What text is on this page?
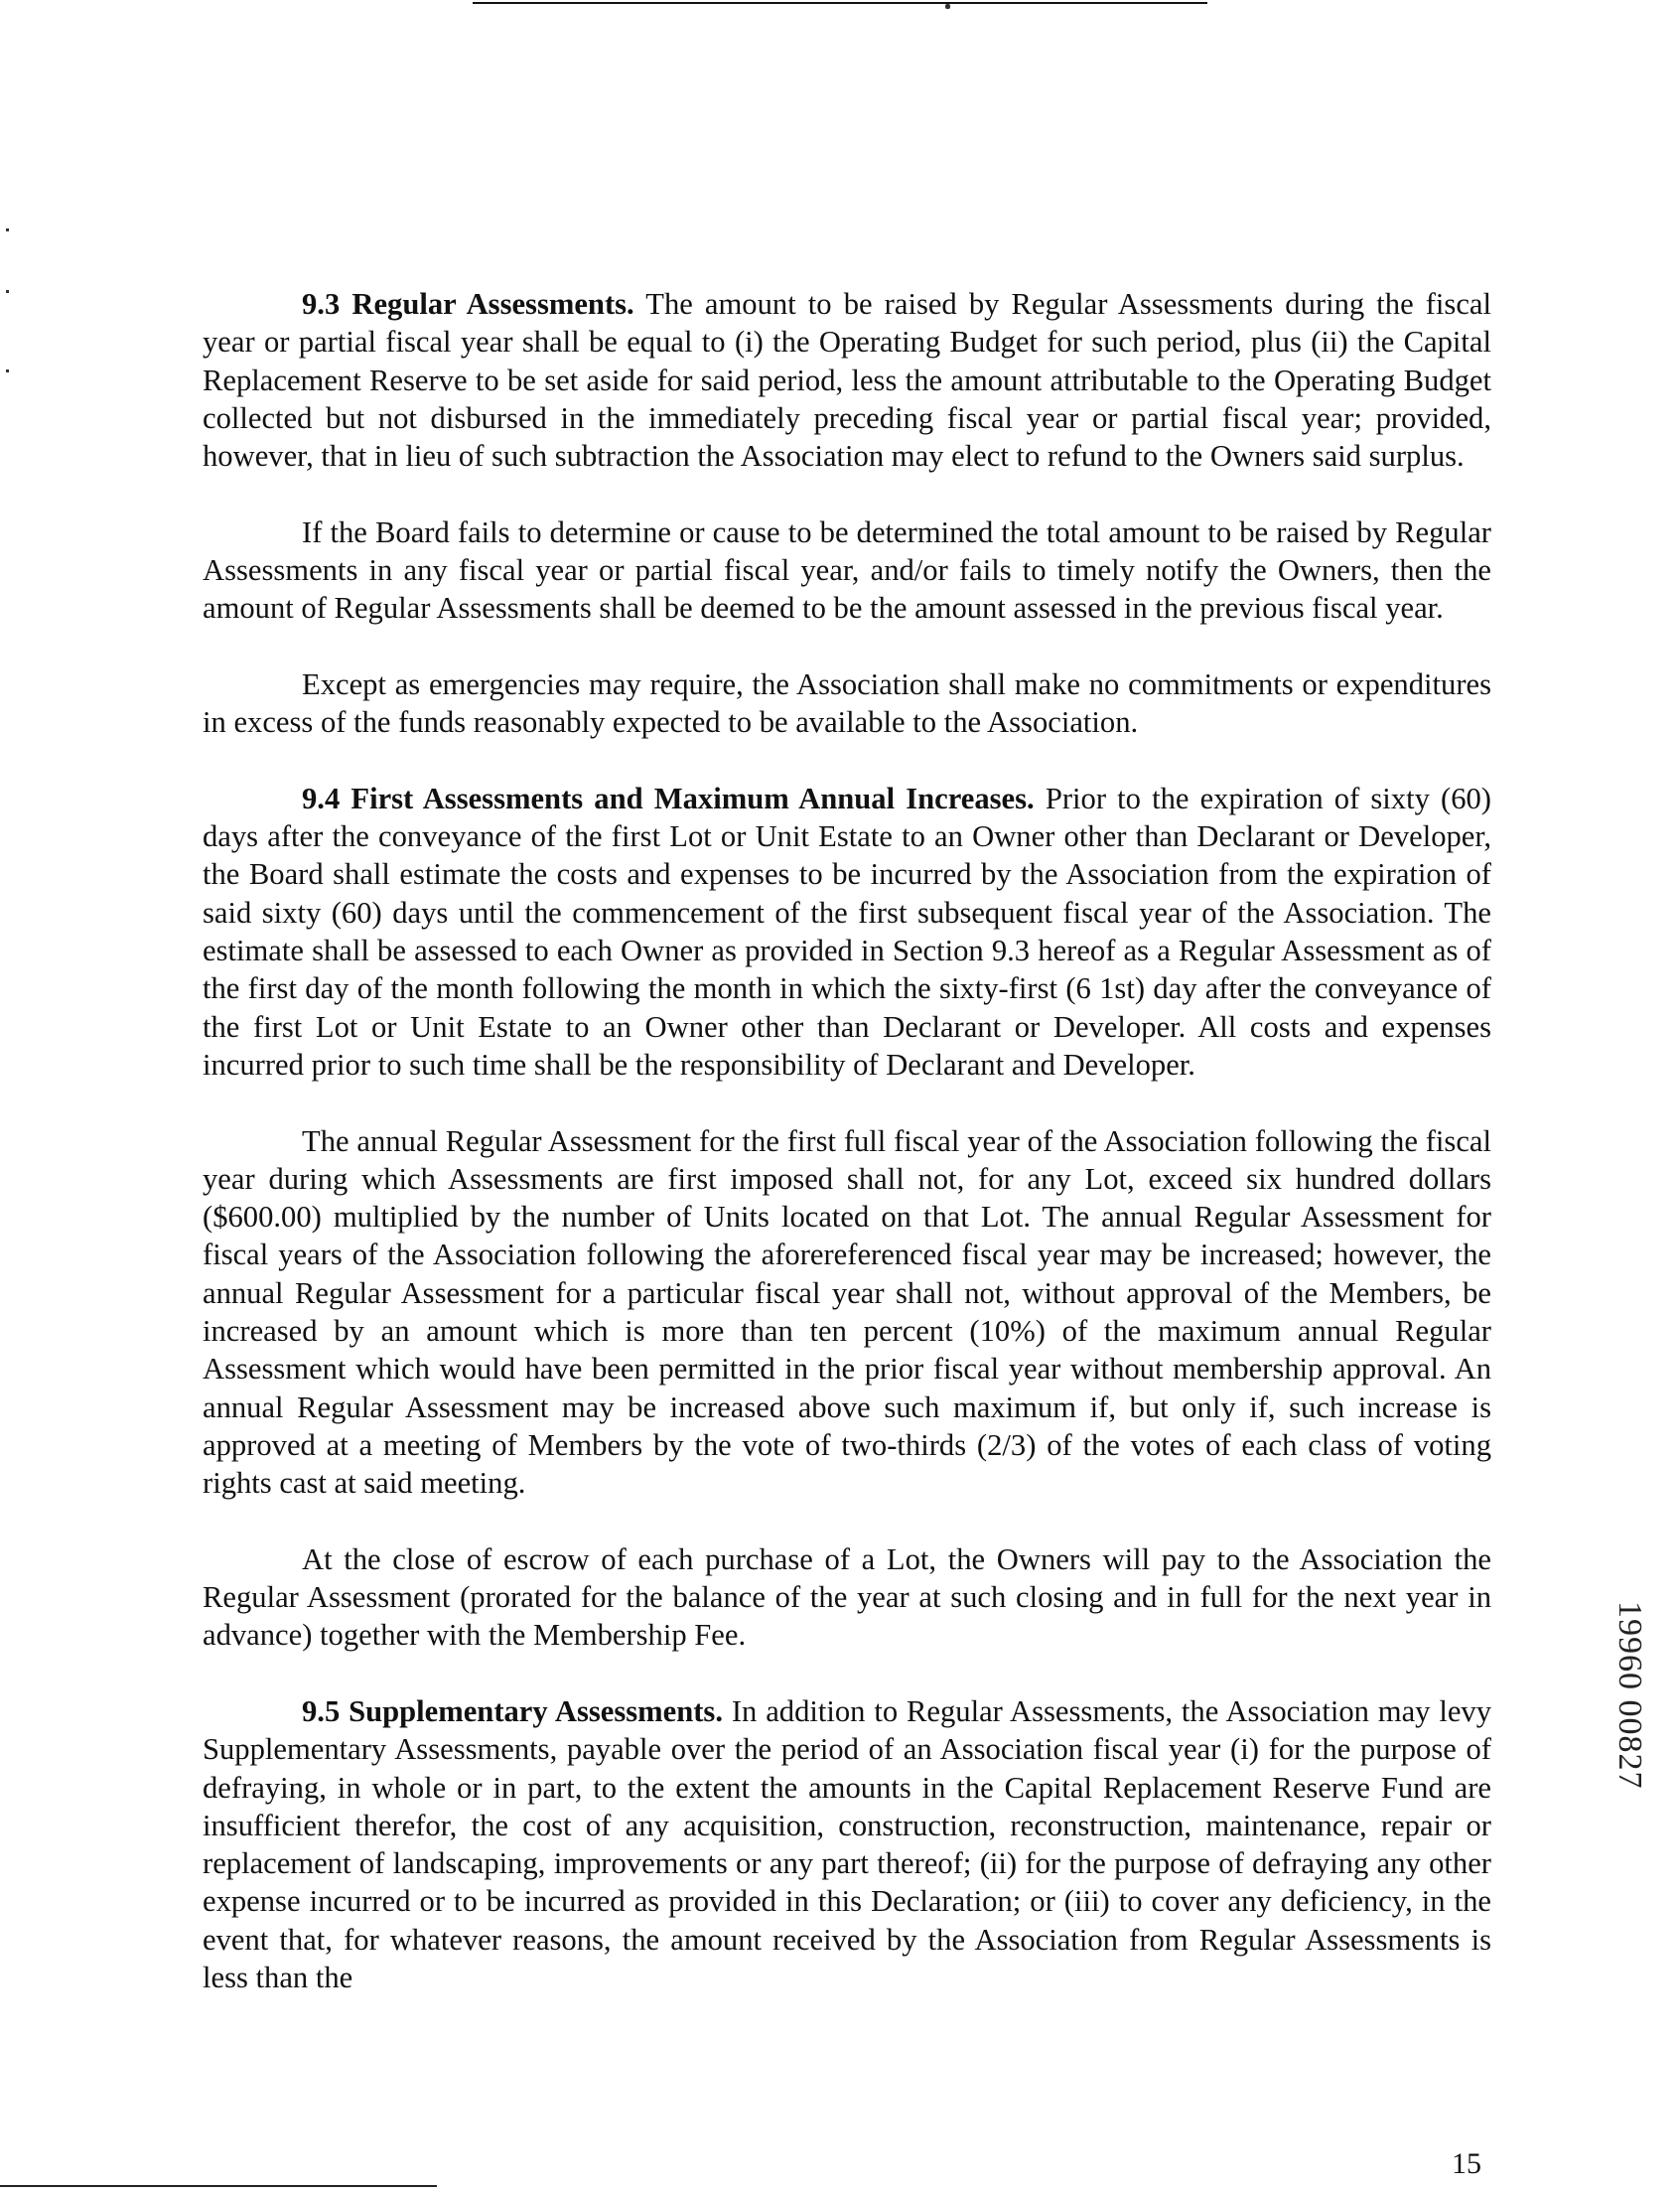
9.3 Regular Assessments. The amount to be raised by Regular Assessments during the fiscal year or partial fiscal year shall be equal to (i) the Operating Budget for such period, plus (ii) the Capital Replacement Reserve to be set aside for said period, less the amount attributable to the Operating Budget collected but not disbursed in the immediately preceding fiscal year or partial fiscal year; provided, however, that in lieu of such subtraction the Association may elect to refund to the Owners said surplus.

If the Board fails to determine or cause to be determined the total amount to be raised by Regular Assessments in any fiscal year or partial fiscal year, and/or fails to timely notify the Owners, then the amount of Regular Assessments shall be deemed to be the amount assessed in the previous fiscal year.

Except as emergencies may require, the Association shall make no commitments or expenditures in excess of the funds reasonably expected to be available to the Association.

9.4 First Assessments and Maximum Annual Increases. Prior to the expiration of sixty (60) days after the conveyance of the first Lot or Unit Estate to an Owner other than Declarant or Developer, the Board shall estimate the costs and expenses to be incurred by the Association from the expiration of said sixty (60) days until the commencement of the first subsequent fiscal year of the Association. The estimate shall be assessed to each Owner as provided in Section 9.3 hereof as a Regular Assessment as of the first day of the month following the month in which the sixty-first (6 1st) day after the conveyance of the first Lot or Unit Estate to an Owner other than Declarant or Developer. All costs and expenses incurred prior to such time shall be the responsibility of Declarant and Developer.

The annual Regular Assessment for the first full fiscal year of the Association following the fiscal year during which Assessments are first imposed shall not, for any Lot, exceed six hundred dollars ($600.00) multiplied by the number of Units located on that Lot. The annual Regular Assessment for fiscal years of the Association following the aforereferenced fiscal year may be increased; however, the annual Regular Assessment for a particular fiscal year shall not, without approval of the Members, be increased by an amount which is more than ten percent (10%) of the maximum annual Regular Assessment which would have been permitted in the prior fiscal year without membership approval. An annual Regular Assessment may be increased above such maximum if, but only if, such increase is approved at a meeting of Members by the vote of two-thirds (2/3) of the votes of each class of voting rights cast at said meeting.

At the close of escrow of each purchase of a Lot, the Owners will pay to the Association the Regular Assessment (prorated for the balance of the year at such closing and in full for the next year in advance) together with the Membership Fee.

9.5 Supplementary Assessments. In addition to Regular Assessments, the Association may levy Supplementary Assessments, payable over the period of an Association fiscal year (i) for the purpose of defraying, in whole or in part, to the extent the amounts in the Capital Replacement Reserve Fund are insufficient therefor, the cost of any acquisition, construction, reconstruction, maintenance, repair or replacement of landscaping, improvements or any part thereof; (ii) for the purpose of defraying any other expense incurred or to be incurred as provided in this Declaration; or (iii) to cover any deficiency, in the event that, for whatever reasons, the amount received by the Association from Regular Assessments is less than the

19960 00827
15
